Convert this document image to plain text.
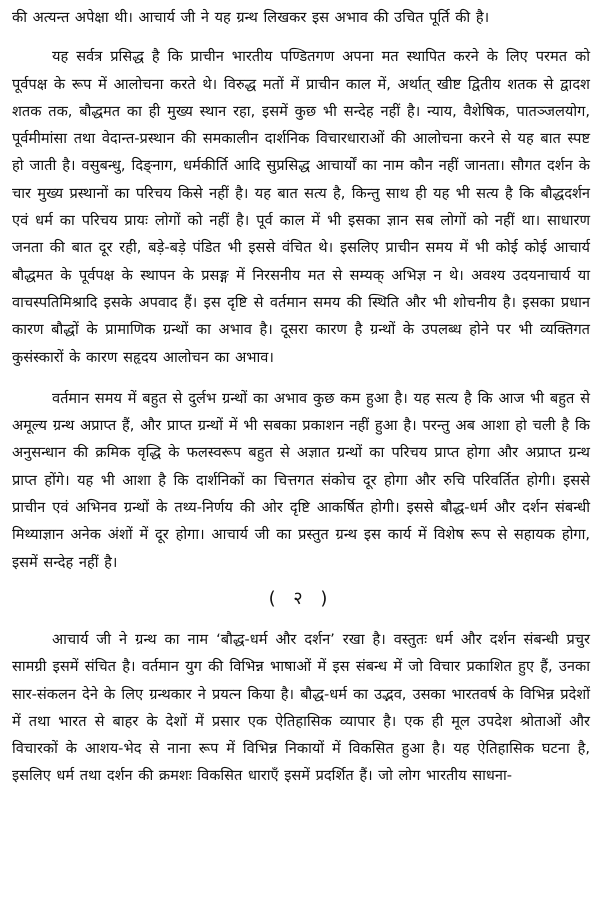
की अत्यन्त अपेक्षा थी। आचार्य जी ने यह ग्रन्थ लिखकर इस अभाव की उचित पूर्ति की है।

यह सर्वत्र प्रसिद्ध है कि प्राचीन भारतीय पण्डितगण अपना मत स्थापित करने के लिए परमत को पूर्वपक्ष के रूप में आलोचना करते थे। विरुद्ध मतों में प्राचीन काल में, अर्थात् खीष्ट द्वितीय शतक से द्वादश शतक तक, बौद्धमत का ही मुख्य स्थान रहा, इसमें कुछ भी सन्देह नहीं है। न्याय, वैशेषिक, पातञ्जलयोग, पूर्वमीमांसा तथा वेदान्त-प्रस्थान की समकालीन दार्शनिक विचारधाराओं की आलोचना करने से यह बात स्पष्ट हो जाती है। वसुबन्धु, दिङ्नाग, धर्मकीर्ति आदि सुप्रसिद्ध आचार्यों का नाम कौन नहीं जानता। सौगत दर्शन के चार मुख्य प्रस्थानों का परिचय किसे नहीं है। यह बात सत्य है, किन्तु साथ ही यह भी सत्य है कि बौद्धदर्शन एवं धर्म का परिचय प्रायः लोगों को नहीं है। पूर्व काल में भी इसका ज्ञान सब लोगों को नहीं था। साधारण जनता की बात दूर रही, बड़े-बड़े पंडित भी इससे वंचित थे। इसलिए प्राचीन समय में भी कोई कोई आचार्य बौद्धमत के पूर्वपक्ष के स्थापन के प्रसङ्ग में निरसनीय मत से सम्यक् अभिज्ञ न थे। अवश्य उदयनाचार्य या वाचस्पतिमिश्रादि इसके अपवाद हैं। इस दृष्टि से वर्तमान समय की स्थिति और भी शोचनीय है। इसका प्रधान कारण बौद्धों के प्रामाणिक ग्रन्थों का अभाव है। दूसरा कारण है ग्रन्थों के उपलब्ध होने पर भी व्यक्तिगत कुसंस्कारों के कारण सहृदय आलोचन का अभाव।

वर्तमान समय में बहुत से दुर्लभ ग्रन्थों का अभाव कुछ कम हुआ है। यह सत्य है कि आज भी बहुत से अमूल्य ग्रन्थ अप्राप्त हैं, और प्राप्त ग्रन्थों में भी सबका प्रकाशन नहीं हुआ है। परन्तु अब आशा हो चली है कि अनुसन्धान की क्रमिक वृद्धि के फलस्वरूप बहुत से अज्ञात ग्रन्थों का परिचय प्राप्त होगा और अप्राप्त ग्रन्थ प्राप्त होंगे। यह भी आशा है कि दार्शनिकों का चित्तगत संकोच दूर होगा और रुचि परिवर्तित होगी। इससे प्राचीन एवं अभिनव ग्रन्थों के तथ्य-निर्णय की ओर दृष्टि आकर्षित होगी। इससे बौद्ध-धर्म और दर्शन संबन्धी मिथ्याज्ञान अनेक अंशों में दूर होगा। आचार्य जी का प्रस्तुत ग्रन्थ इस कार्य में विशेष रूप से सहायक होगा, इसमें सन्देह नहीं है।

( २ )

आचार्य जी ने ग्रन्थ का नाम ‘बौद्ध-धर्म और दर्शन’ रखा है। वस्तुतः धर्म और दर्शन संबन्धी प्रचुर सामग्री इसमें संचित है। वर्तमान युग की विभिन्न भाषाओं में इस संबन्ध में जो विचार प्रकाशित हुए हैं, उनका सार-संकलन देने के लिए ग्रन्थकार ने प्रयत्न किया है। बौद्ध-धर्म का उद्भव, उसका भारतवर्ष के विभिन्न प्रदेशों में तथा भारत से बाहर के देशों में प्रसार एक ऐतिहासिक व्यापार है। एक ही मूल उपदेश श्रोताओं और विचारकों के आशय-भेद से नाना रूप में विभिन्न निकायों में विकसित हुआ है। यह ऐतिहासिक घटना है, इसलिए धर्म तथा दर्शन की क्रमशः विकसित धाराएँ इसमें प्रदर्शित हैं। जो लोग भारतीय साधना-
